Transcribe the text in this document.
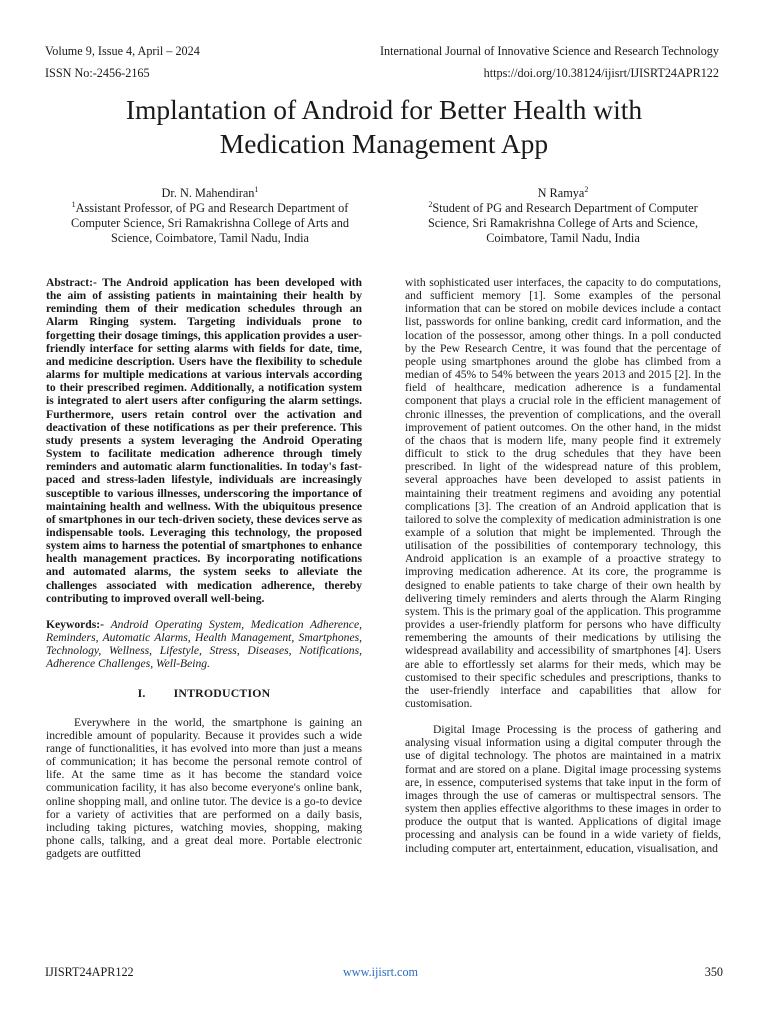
Volume 9, Issue 4, April – 2024	International Journal of Innovative Science and Research Technology
ISSN No:-2456-2165	https://doi.org/10.38124/ijisrt/IJISRT24APR122
Implantation of Android for Better Health with
Medication Management App
Dr. N. Mahendiran$^1$
$^1$Assistant Professor, of PG and Research Department of
Computer Science, Sri Ramakrishna College of Arts and
Science, Coimbatore, Tamil Nadu, India
N Ramya$^2$
$^2$Student of PG and Research Department of Computer
Science, Sri Ramakrishna College of Arts and Science,
Coimbatore, Tamil Nadu, India

Abstract:- The Android application has been developed with the aim of assisting patients in maintaining their health by reminding them of their medication schedules through an Alarm Ringing system. Targeting individuals prone to forgetting their dosage timings, this application provides a user-friendly interface for setting alarms with fields for date, time, and medicine description. Users have the flexibility to schedule alarms for multiple medications at various intervals according to their prescribed regimen. Additionally, a notification system is integrated to alert users after configuring the alarm settings. Furthermore, users retain control over the activation and deactivation of these notifications as per their preference. This study presents a system leveraging the Android Operating System to facilitate medication adherence through timely reminders and automatic alarm functionalities. In today's fast-paced and stress-laden lifestyle, individuals are increasingly susceptible to various illnesses, underscoring the importance of maintaining health and wellness. With the ubiquitous presence of smartphones in our tech-driven society, these devices serve as indispensable tools. Leveraging this technology, the proposed system aims to harness the potential of smartphones to enhance health management practices. By incorporating notifications and automated alarms, the system seeks to alleviate the challenges associated with medication adherence, thereby contributing to improved overall well-being.

Keywords:- Android Operating System, Medication Adherence, Reminders, Automatic Alarms, Health Management, Smartphones, Technology, Wellness, Lifestyle, Stress, Diseases, Notifications, Adherence Challenges, Well-Being.

I. INTRODUCTION

Everywhere in the world, the smartphone is gaining an incredible amount of popularity. Because it provides such a wide range of functionalities, it has evolved into more than just a means of communication; it has become the personal remote control of life. At the same time as it has become the standard voice communication facility, it has also become everyone's online bank, online shopping mall, and online tutor. The device is a go-to device for a variety of activities that are performed on a daily basis, including taking pictures, watching movies, shopping, making phone calls, talking, and a great deal more. Portable electronic gadgets are outfitted

with sophisticated user interfaces, the capacity to do computations, and sufficient memory [1]. Some examples of the personal information that can be stored on mobile devices include a contact list, passwords for online banking, credit card information, and the location of the possessor, among other things. In a poll conducted by the Pew Research Centre, it was found that the percentage of people using smartphones around the globe has climbed from a median of 45% to 54% between the years 2013 and 2015 [2]. In the field of healthcare, medication adherence is a fundamental component that plays a crucial role in the efficient management of chronic illnesses, the prevention of complications, and the overall improvement of patient outcomes. On the other hand, in the midst of the chaos that is modern life, many people find it extremely difficult to stick to the drug schedules that they have been prescribed. In light of the widespread nature of this problem, several approaches have been developed to assist patients in maintaining their treatment regimens and avoiding any potential complications [3]. The creation of an Android application that is tailored to solve the complexity of medication administration is one example of a solution that might be implemented. Through the utilisation of the possibilities of contemporary technology, this Android application is an example of a proactive strategy to improving medication adherence. At its core, the programme is designed to enable patients to take charge of their own health by delivering timely reminders and alerts through the Alarm Ringing system. This is the primary goal of the application. This programme provides a user-friendly platform for persons who have difficulty remembering the amounts of their medications by utilising the widespread availability and accessibility of smartphones [4]. Users are able to effortlessly set alarms for their meds, which may be customised to their specific schedules and prescriptions, thanks to the user-friendly interface and capabilities that allow for customisation.

Digital Image Processing is the process of gathering and analysing visual information using a digital computer through the use of digital technology. The photos are maintained in a matrix format and are stored on a plane. Digital image processing systems are, in essence, computerised systems that take input in the form of images through the use of cameras or multispectral sensors. The system then applies effective algorithms to these images in order to produce the output that is wanted. Applications of digital image processing and analysis can be found in a wide variety of fields, including computer art, entertainment, education, visualisation, and

IJISRT24APR122	www.ijisrt.com	350
